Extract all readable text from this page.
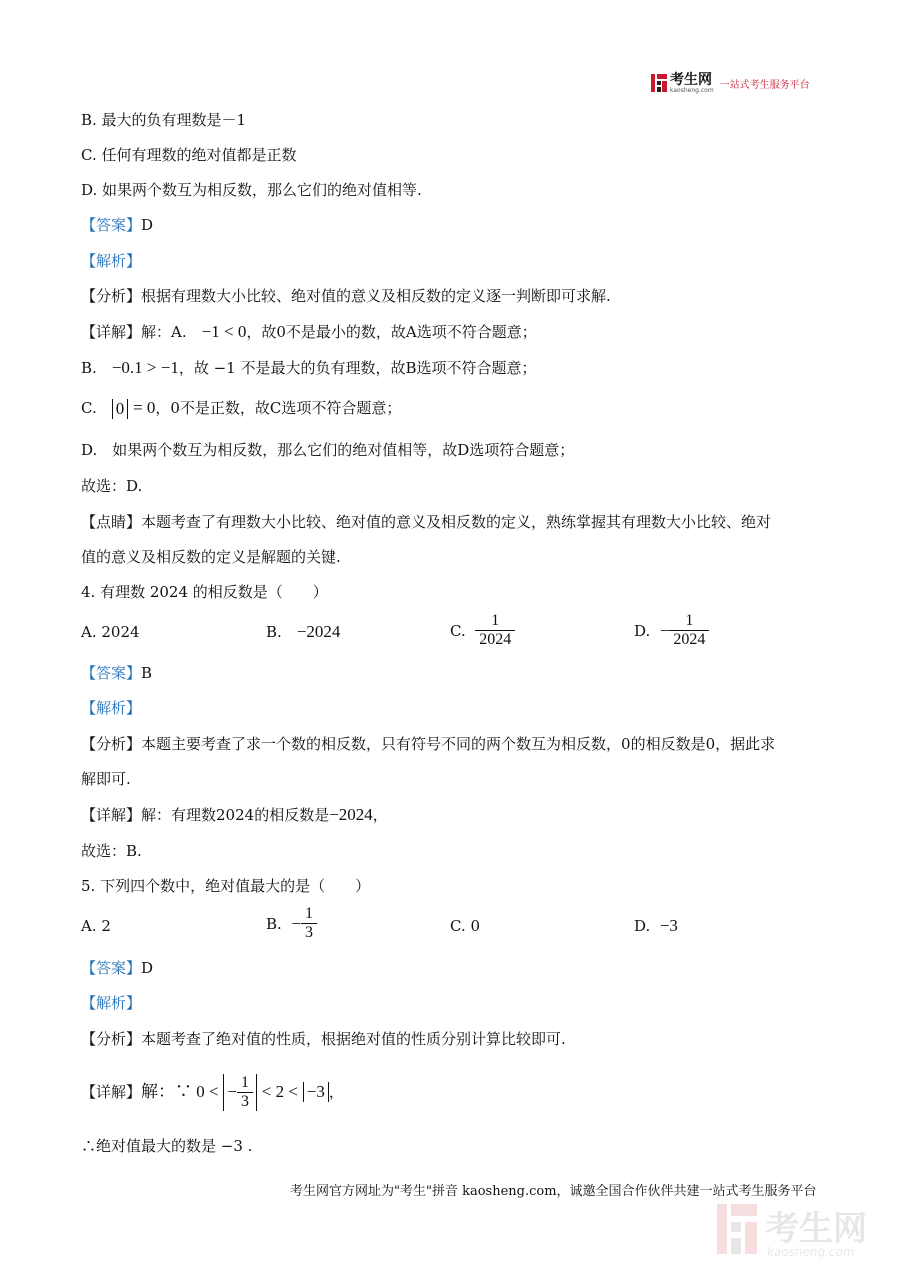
考生网
kaosheng.com 一站式考生服务平台
B. 最大的负有理数是－1
C. 任何有理数的绝对值都是正数
D. 如果两个数互为相反数，那么它们的绝对值相等.
【答案】D
【解析】
【分析】根据有理数大小比较、绝对值的意义及相反数的定义逐一判断即可求解.
【详解】解：A.　 −1 < 0，故0不是最小的数，故A选项不符合题意；
B.　 −0.1 > −1，故 −1 不是最大的负有理数，故B选项不符合题意；
C.　 0 = 0，0不是正数，故C选项不符合题意；
D.　如果两个数互为相反数，那么它们的绝对值相等，故D选项符合题意；
故选：D.
【点睛】本题考查了有理数大小比较、绝对值的意义及相反数的定义，熟练掌握其有理数大小比较、绝对
值的意义及相反数的定义是解题的关键.
4. 有理数 2024 的相反数是（　　）
A. 2024	B.　 −2024	C.
$\frac{1}{2024}$	D.
− $\frac{1}{2024}$
【答案】B
【解析】
【分析】本题主要考查了求一个数的相反数，只有符号不同的两个数互为相反数，0的相反数是0，据此求
解即可.
【详解】解：有理数2024的相反数是−2024，
故选：B.
5. 下列四个数中，绝对值最大的是（　　）
A. 2	B.
− $\frac{1}{3}$	C. 0	D. −3
【答案】D
【解析】
【分析】本题考查了绝对值的性质，根据绝对值的性质分别计算比较即可.
【详解】 解：∵ 0 <
− $\frac{1}{3}$
< 2 <
−3 ，
∴绝对值最大的数是 −3 .
考生网官方网址为"考生"拼音 kaosheng.com，诚邀全国合作伙伴共建一站式考生服务平台
考生网
kaosheng.com
